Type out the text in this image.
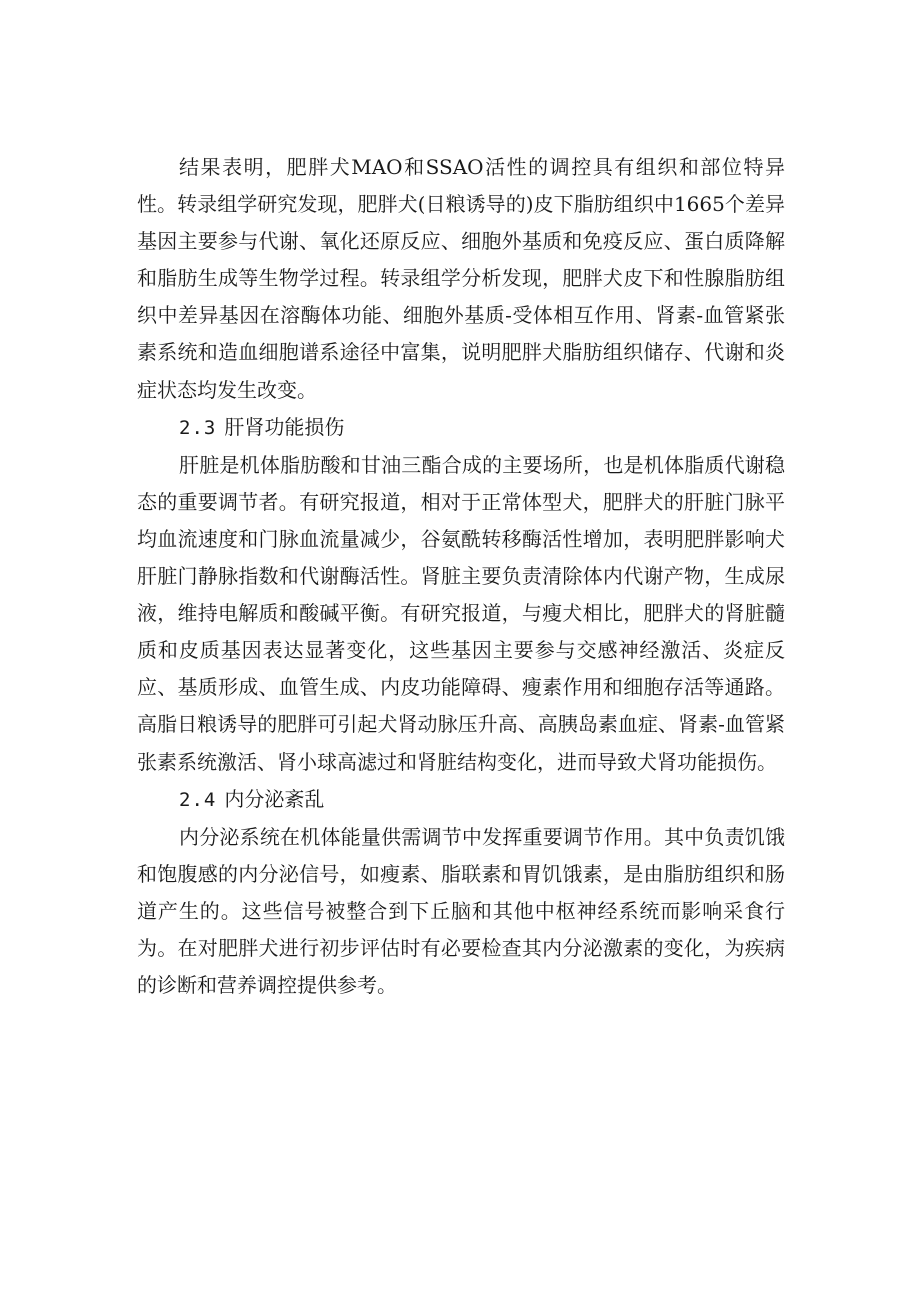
结果表明，肥胖犬MAO和SSAO活性的调控具有组织和部位特异性。转录组学研究发现，肥胖犬(日粮诱导的)皮下脂肪组织中1665个差异基因主要参与代谢、氧化还原反应、细胞外基质和免疫反应、蛋白质降解和脂肪生成等生物学过程。转录组学分析发现，肥胖犬皮下和性腺脂肪组织中差异基因在溶酶体功能、细胞外基质-受体相互作用、肾素-血管紧张素系统和造血细胞谱系途径中富集，说明肥胖犬脂肪组织储存、代谢和炎症状态均发生改变。

2.3 肝肾功能损伤

肝脏是机体脂肪酸和甘油三酯合成的主要场所，也是机体脂质代谢稳态的重要调节者。有研究报道，相对于正常体型犬，肥胖犬的肝脏门脉平均血流速度和门脉血流量减少，谷氨酰转移酶活性增加，表明肥胖影响犬肝脏门静脉指数和代谢酶活性。肾脏主要负责清除体内代谢产物，生成尿液，维持电解质和酸碱平衡。有研究报道，与瘦犬相比，肥胖犬的肾脏髓质和皮质基因表达显著变化，这些基因主要参与交感神经激活、炎症反应、基质形成、血管生成、内皮功能障碍、瘦素作用和细胞存活等通路。高脂日粮诱导的肥胖可引起犬肾动脉压升高、高胰岛素血症、肾素-血管紧张素系统激活、肾小球高滤过和肾脏结构变化，进而导致犬肾功能损伤。

2.4 内分泌紊乱

内分泌系统在机体能量供需调节中发挥重要调节作用。其中负责饥饿和饱腹感的内分泌信号，如瘦素、脂联素和胃饥饿素，是由脂肪组织和肠道产生的。这些信号被整合到下丘脑和其他中枢神经系统而影响采食行为。在对肥胖犬进行初步评估时有必要检查其内分泌激素的变化，为疾病的诊断和营养调控提供参考。
